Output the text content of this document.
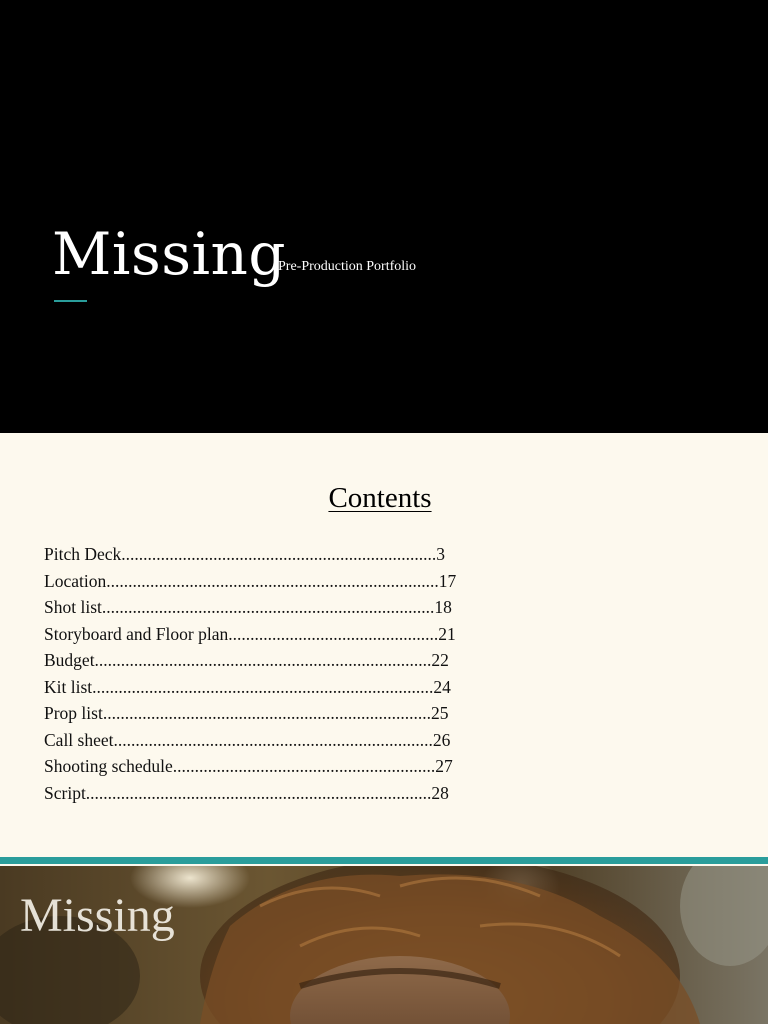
Missing
Pre-Production Portfolio
Contents
Pitch Deck........................................................................3
Location............................................................................17
Shot list............................................................................18
Storyboard and Floor plan................................................21
Budget.............................................................................22
Kit list..............................................................................24
Prop list...........................................................................25
Call sheet.........................................................................26
Shooting schedule............................................................27
Script...............................................................................28
Missing
